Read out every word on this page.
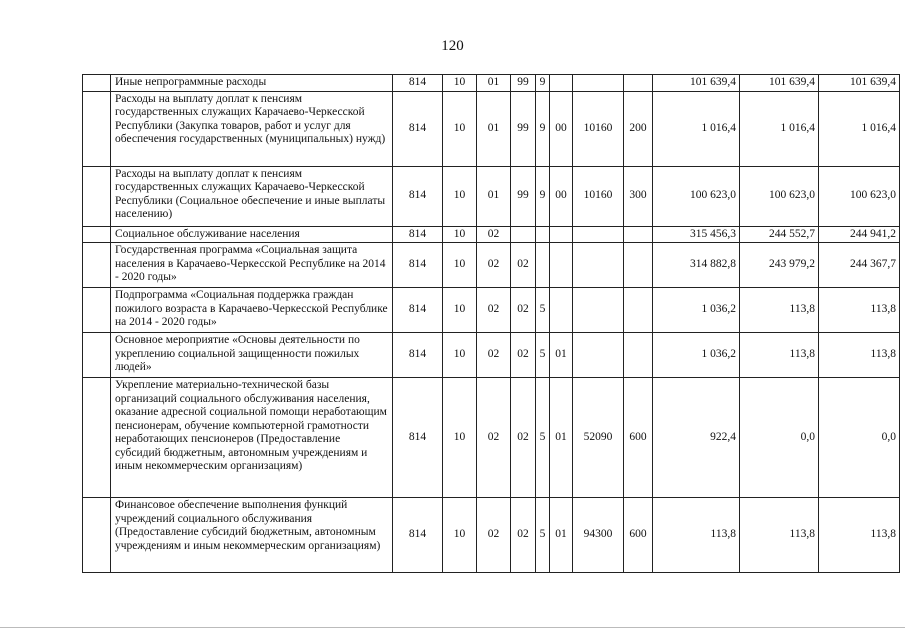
120
	Иные непрограммные расходы	814	10	01	99	9				101 639,4	101 639,4	101 639,4
	Расходы на выплату доплат к пенсиям государственных служащих Карачаево-Черкесской Республики (Закупка товаров, работ и услуг для обеспечения государственных (муниципальных) нужд)	814	10	01	99	9	00	10160	200	1 016,4	1 016,4	1 016,4
	Расходы на выплату доплат к пенсиям государственных служащих Карачаево-Черкесской Республики (Социальное обеспечение и иные выплаты населению)	814	10	01	99	9	00	10160	300	100 623,0	100 623,0	100 623,0
	Социальное обслуживание населения	814	10	02						315 456,3	244 552,7	244 941,2
	Государственная программа «Социальная защита населения в Карачаево-Черкесской Республике на 2014 - 2020 годы»	814	10	02	02					314 882,8	243 979,2	244 367,7
	Подпрограмма «Социальная поддержка граждан пожилого возраста в Карачаево-Черкесской Республике на 2014 - 2020 годы»	814	10	02	02	5				1 036,2	113,8	113,8
	Основное мероприятие «Основы деятельности по укреплению социальной защищенности пожилых людей»	814	10	02	02	5	01			1 036,2	113,8	113,8
	Укрепление материально-технической базы организаций социального обслуживания населения, оказание адресной социальной помощи неработающим пенсионерам, обучение компьютерной грамотности неработающих пенсионеров (Предоставление субсидий бюджетным, автономным учреждениям и иным некоммерческим организациям)	814	10	02	02	5	01	52090	600	922,4	0,0	0,0
	Финансовое обеспечение выполнения функций учреждений социального обслуживания (Предоставление субсидий бюджетным, автономным учреждениям и иным некоммерческим организациям)	814	10	02	02	5	01	94300	600	113,8	113,8	113,8
